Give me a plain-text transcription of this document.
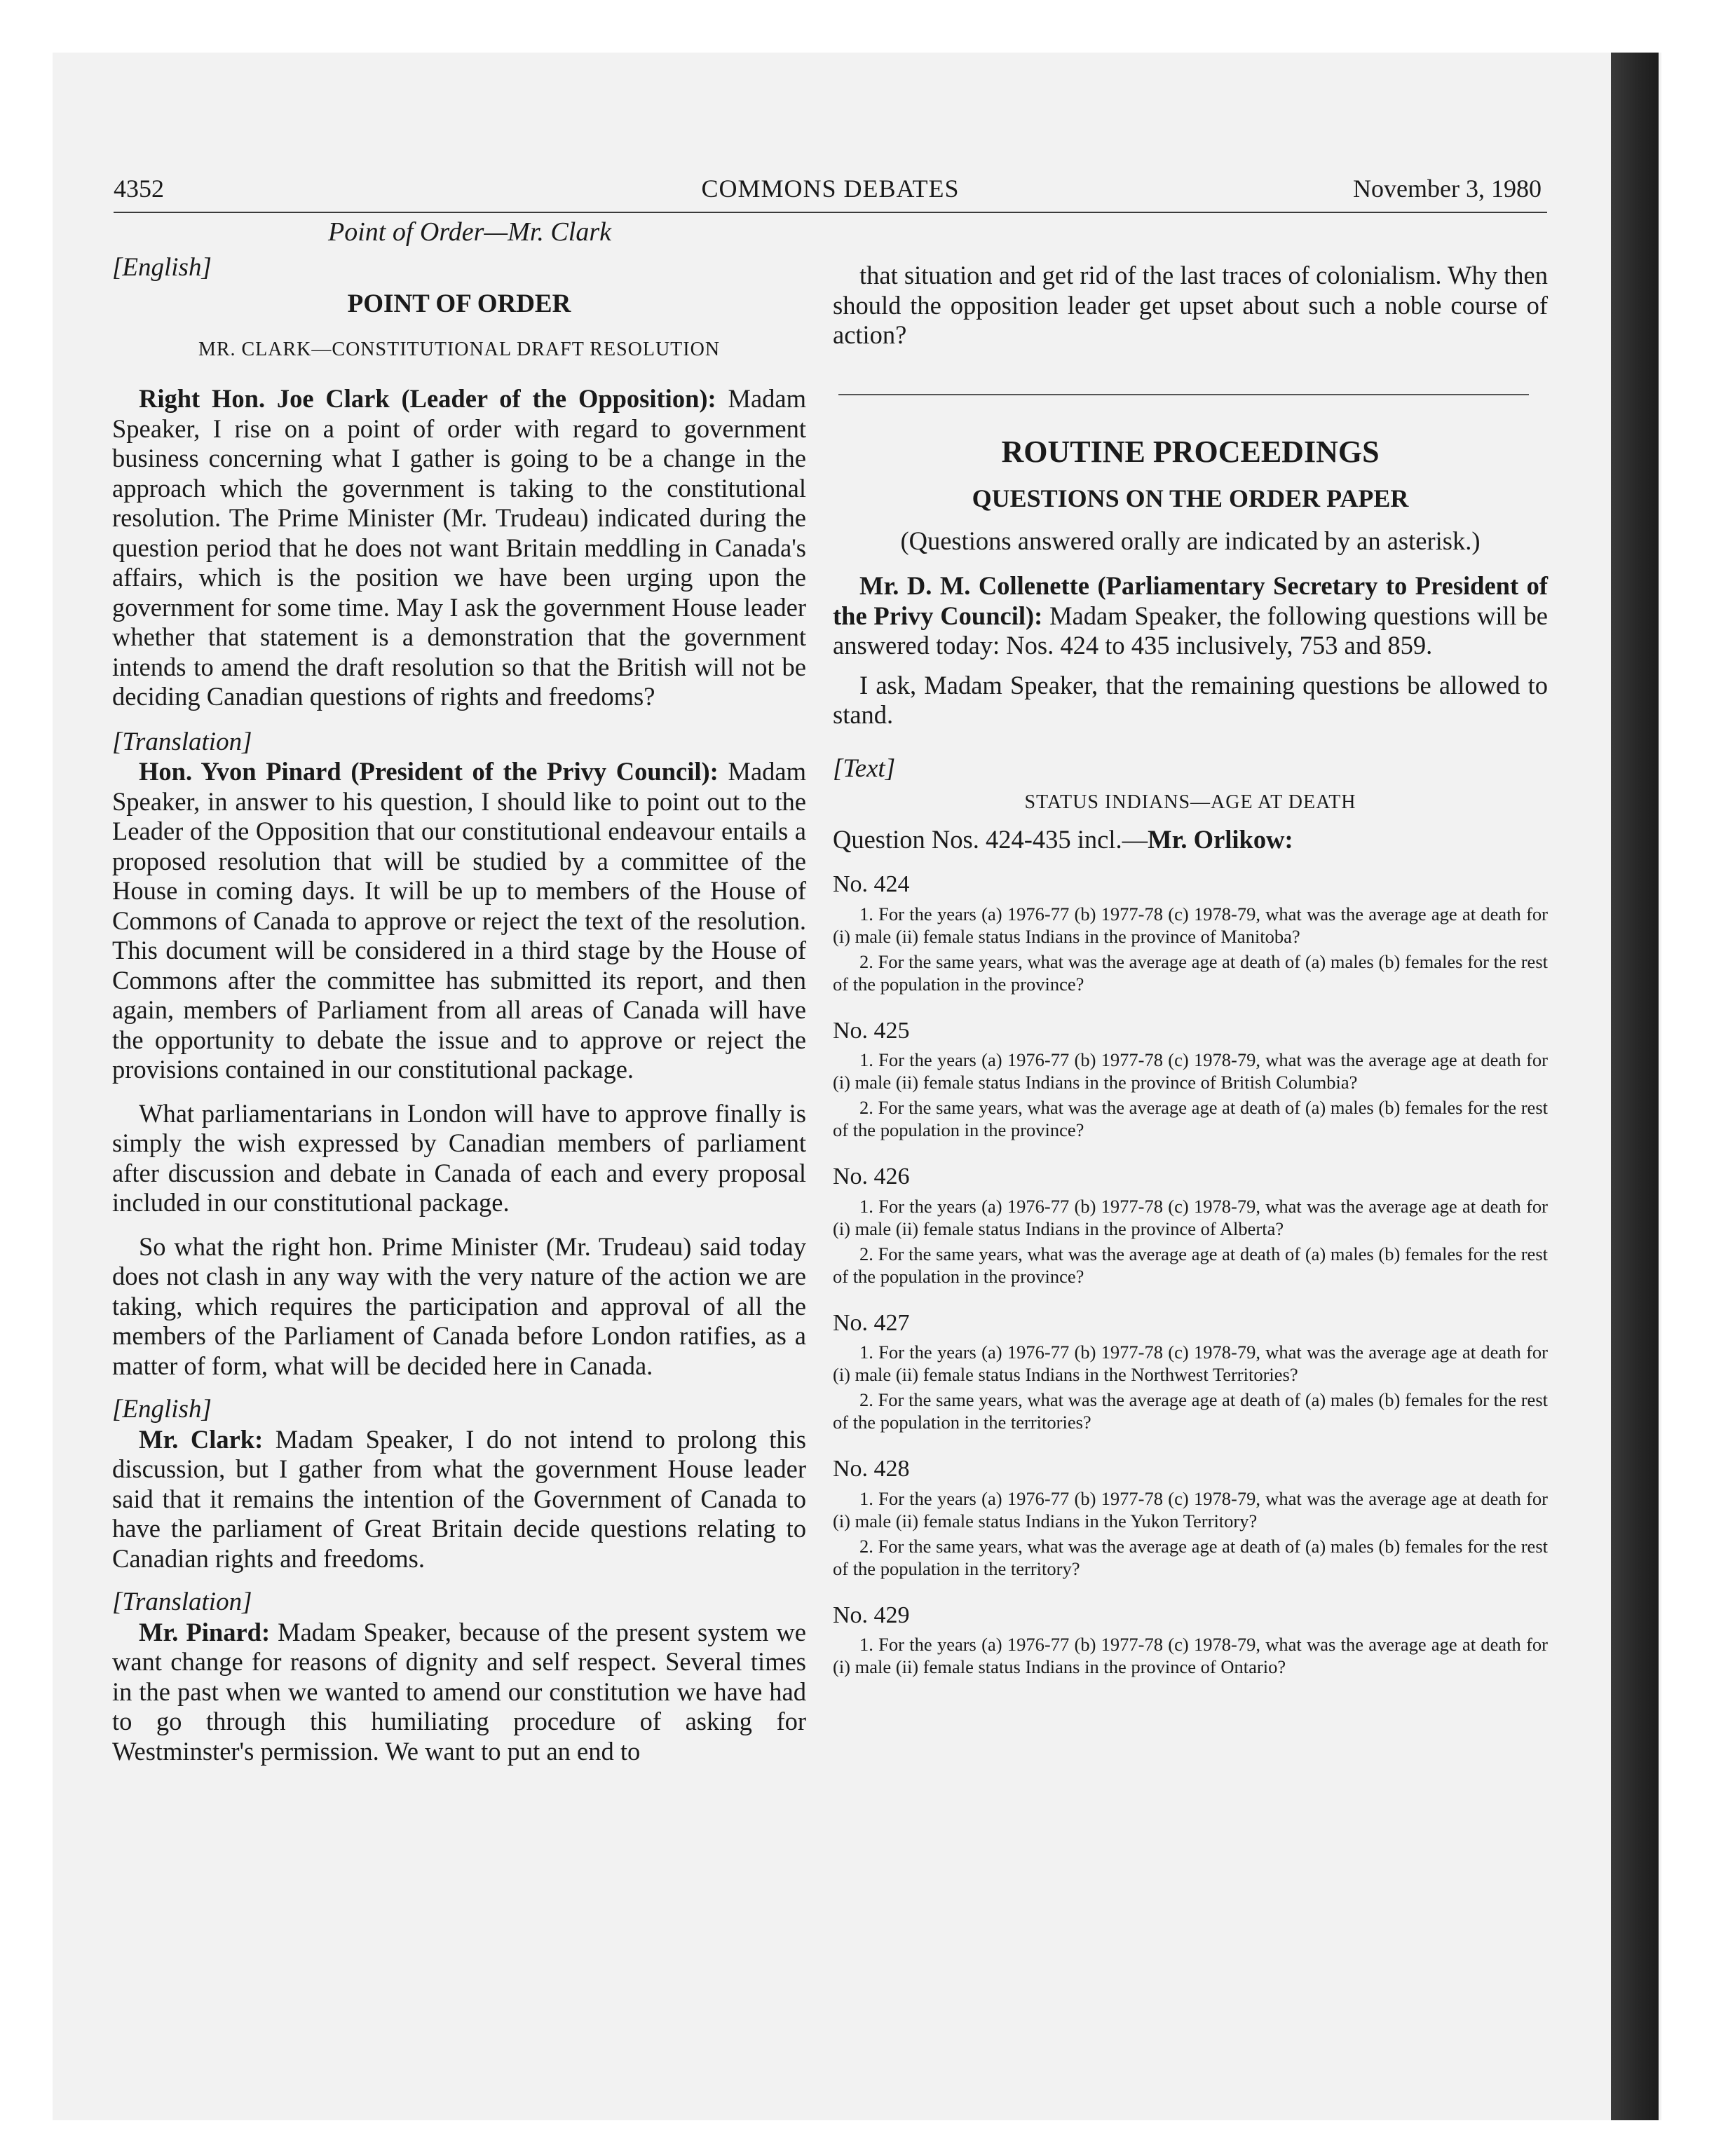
4352	COMMONS DEBATES	November 3, 1980
Point of Order—Mr. Clark
[English]
POINT OF ORDER
MR. CLARK—CONSTITUTIONAL DRAFT RESOLUTION

Right Hon. Joe Clark (Leader of the Opposition): Madam Speaker, I rise on a point of order with regard to government business concerning what I gather is going to be a change in the approach which the government is taking to the constitutional resolution. The Prime Minister (Mr. Trudeau) indicated during the question period that he does not want Britain meddling in Canada's affairs, which is the position we have been urging upon the government for some time. May I ask the government House leader whether that statement is a demonstration that the government intends to amend the draft resolution so that the British will not be deciding Canadian questions of rights and freedoms?

[Translation]

Hon. Yvon Pinard (President of the Privy Council): Madam Speaker, in answer to his question, I should like to point out to the Leader of the Opposition that our constitutional endeavour entails a proposed resolution that will be studied by a committee of the House in coming days. It will be up to members of the House of Commons of Canada to approve or reject the text of the resolution. This document will be considered in a third stage by the House of Commons after the committee has submitted its report, and then again, members of Parliament from all areas of Canada will have the opportunity to debate the issue and to approve or reject the provisions contained in our constitutional package.

What parliamentarians in London will have to approve finally is simply the wish expressed by Canadian members of parliament after discussion and debate in Canada of each and every proposal included in our constitutional package.

So what the right hon. Prime Minister (Mr. Trudeau) said today does not clash in any way with the very nature of the action we are taking, which requires the participation and approval of all the members of the Parliament of Canada before London ratifies, as a matter of form, what will be decided here in Canada.

[English]

Mr. Clark: Madam Speaker, I do not intend to prolong this discussion, but I gather from what the government House leader said that it remains the intention of the Government of Canada to have the parliament of Great Britain decide questions relating to Canadian rights and freedoms.

[Translation]

Mr. Pinard: Madam Speaker, because of the present system we want change for reasons of dignity and self respect. Several times in the past when we wanted to amend our constitution we have had to go through this humiliating procedure of asking for Westminster's permission. We want to put an end to

that situation and get rid of the last traces of colonialism. Why then should the opposition leader get upset about such a noble course of action?

ROUTINE PROCEEDINGS
QUESTIONS ON THE ORDER PAPER
(Questions answered orally are indicated by an asterisk.)

Mr. D. M. Collenette (Parliamentary Secretary to President of the Privy Council): Madam Speaker, the following questions will be answered today: Nos. 424 to 435 inclusively, 753 and 859.

I ask, Madam Speaker, that the remaining questions be allowed to stand.

[Text]
STATUS INDIANS—AGE AT DEATH
Question Nos. 424-435 incl.—Mr. Orlikow:
No. 424

1. For the years (a) 1976-77 (b) 1977-78 (c) 1978-79, what was the average age at death for (i) male (ii) female status Indians in the province of Manitoba?

2. For the same years, what was the average age at death of (a) males (b) females for the rest of the population in the province?

No. 425

1. For the years (a) 1976-77 (b) 1977-78 (c) 1978-79, what was the average age at death for (i) male (ii) female status Indians in the province of British Columbia?

2. For the same years, what was the average age at death of (a) males (b) females for the rest of the population in the province?

No. 426

1. For the years (a) 1976-77 (b) 1977-78 (c) 1978-79, what was the average age at death for (i) male (ii) female status Indians in the province of Alberta?

2. For the same years, what was the average age at death of (a) males (b) females for the rest of the population in the province?

No. 427

1. For the years (a) 1976-77 (b) 1977-78 (c) 1978-79, what was the average age at death for (i) male (ii) female status Indians in the Northwest Territories?

2. For the same years, what was the average age at death of (a) males (b) females for the rest of the population in the territories?

No. 428

1. For the years (a) 1976-77 (b) 1977-78 (c) 1978-79, what was the average age at death for (i) male (ii) female status Indians in the Yukon Territory?

2. For the same years, what was the average age at death of (a) males (b) females for the rest of the population in the territory?

No. 429

1. For the years (a) 1976-77 (b) 1977-78 (c) 1978-79, what was the average age at death for (i) male (ii) female status Indians in the province of Ontario?
